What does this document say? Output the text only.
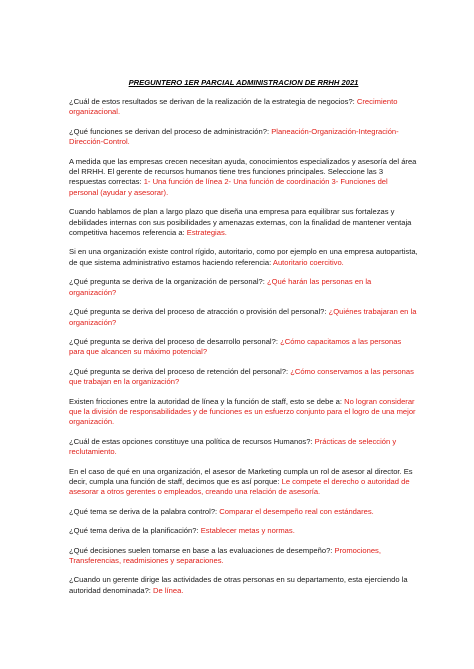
PREGUNTERO 1ER PARCIAL ADMINISTRACION DE RRHH 2021
¿Cuál de estos resultados se derivan de la realización de la estrategia de negocios?: Crecimiento organizacional.
¿Qué funciones se derivan del proceso de administración?: Planeación-Organización-Integración-Dirección-Control.
A medida que las empresas crecen necesitan ayuda, conocimientos especializados y asesoría del área del RRHH. El gerente de recursos humanos tiene tres funciones principales. Seleccione las 3 respuestas correctas: 1- Una función de línea 2- Una función de coordinación 3- Funciones del personal (ayudar y asesorar).
Cuando hablamos de plan a largo plazo que diseña una empresa para equilibrar sus fortalezas y debilidades internas con sus posibilidades y amenazas externas, con la finalidad de mantener ventaja competitiva hacemos referencia a: Estrategias.
Si en una organización existe control rígido, autoritario, como por ejemplo en una empresa autopartista, de que sistema administrativo estamos haciendo referencia: Autoritario coercitivo.
¿Qué pregunta se deriva de la organización de personal?: ¿Qué harán las personas en la organización?
¿Qué pregunta se deriva del proceso de atracción o provisión del personal?: ¿Quiénes trabajaran en la organización?
¿Qué pregunta se deriva del proceso de desarrollo personal?: ¿Cómo capacitamos a las personas para que alcancen su máximo potencial?
¿Qué pregunta se deriva del proceso de retención del personal?: ¿Cómo conservamos a las personas que trabajan en la organización?
Existen fricciones entre la autoridad de línea y la función de staff, esto se debe a: No logran considerar que la división de responsabilidades y de funciones es un esfuerzo conjunto para el logro de una mejor organización.
¿Cuál de estas opciones constituye una política de recursos Humanos?: Prácticas de selección y reclutamiento.
En el caso de qué en una organización, el asesor de Marketing cumpla un rol de asesor al director. Es decir, cumpla una función de staff, decimos que es así porque: Le compete el derecho o autoridad de asesorar a otros gerentes o empleados, creando una relación de asesoría.
¿Qué tema se deriva de la palabra control?: Comparar el desempeño real con estándares.
¿Qué tema deriva de la planificación?: Establecer metas y normas.
¿Qué decisiones suelen tomarse en base a las evaluaciones de desempeño?: Promociones, Transferencias, readmisiones y separaciones.
¿Cuando un gerente dirige las actividades de otras personas en su departamento, esta ejerciendo la autoridad denominada?: De línea.
